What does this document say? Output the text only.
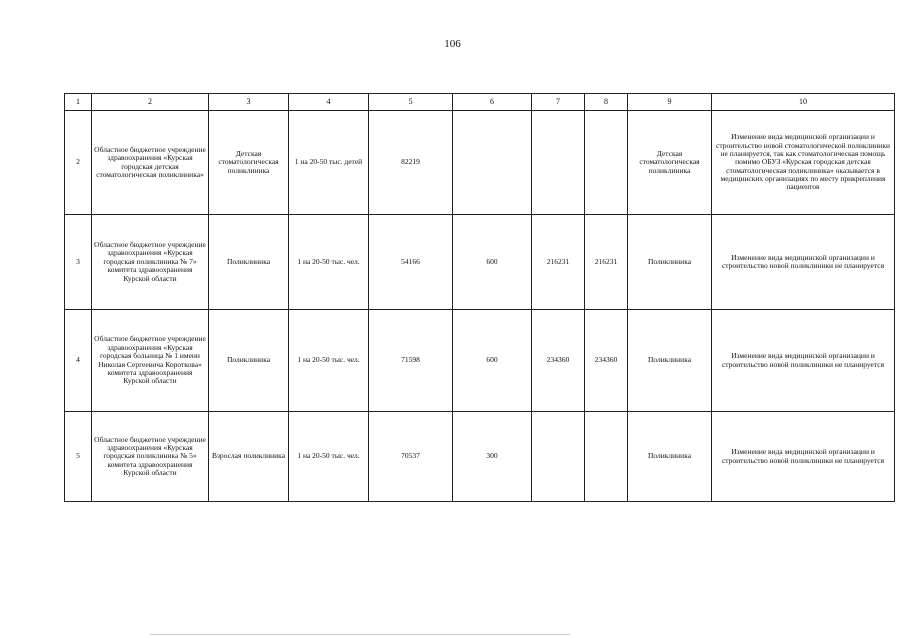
106
1	2	3	4	5	6	7	8	9	10
2	Областное бюджетное учреждение здравоохранения «Курская городская детская стоматологическая поликлиника»	Детская стоматологическая поликлиника	1 на 20-50 тыс. детей	82219				Детская стоматологическая поликлиника	Изменение вида медицинской организации и строительство новой стоматологической поликлиники не планируется, так как стоматологическая помощь помимо ОБУЗ «Курская городская детская стоматологическая поликлиника» оказывается в медицинских организациях по месту прикрепления пациентов
3	Областное бюджетное учреждение здравоохранения «Курская городская поликлиника № 7» комитета здравоохранения Курской области	Поликлиника	1 на 20-50 тыс. чел.	54166	600	216231	216231	Поликлиника	Изменение вида медицинской организации и строительство новой поликлиники не планируется
4	Областное бюджетное учреждение здравоохранения «Курская городская больница № 1 имени Николая Сергеевича Короткова» комитета здравоохранения Курской области	Поликлиника	1 на 20-50 тыс. чел.	71598	600	234360	234360	Поликлиника	Изменение вида медицинской организации и строительство новой поликлиники не планируется
5	Областное бюджетное учреждение здравоохранения «Курская городская поликлиника № 5» комитета здравоохранения Курской области	Взрослая поликлиника	1 на 20-50 тыс. чел.	70537	300			Поликлиника	Изменение вида медицинской организации и строительство новой поликлиники не планируется
